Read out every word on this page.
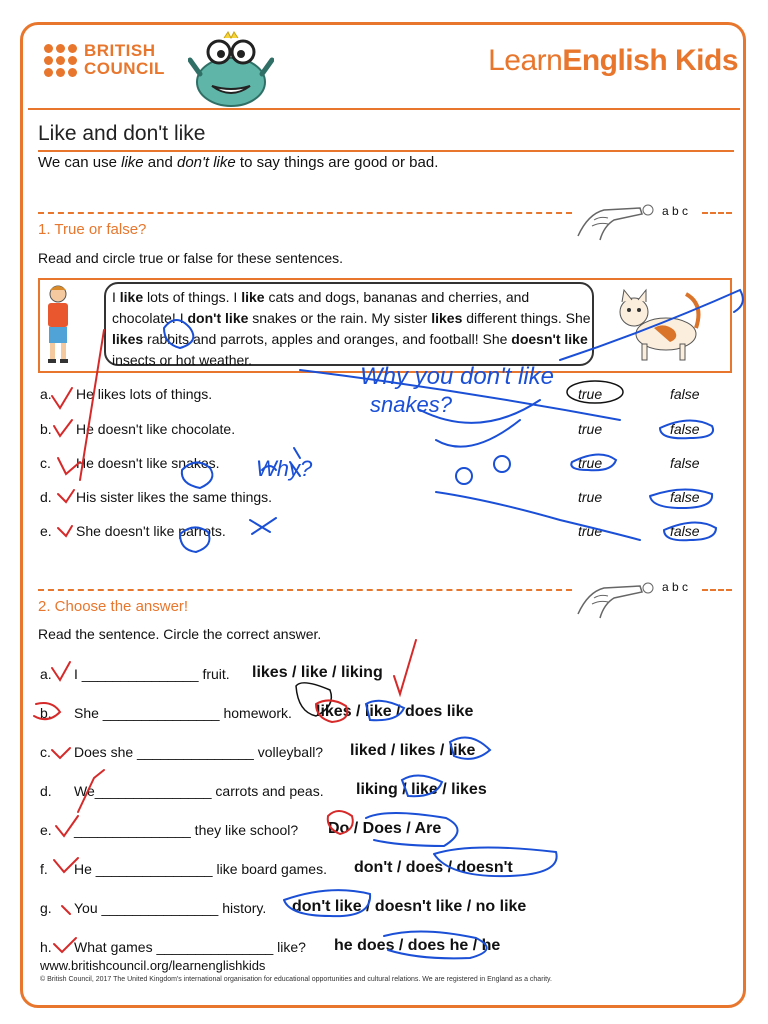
BRITISH
COUNCIL	LearnEnglish Kids
Like and don't like
We can use like and don't like to say things are good or bad.
1. True or false?
a b c
Read and circle true or false for these sentences.
I like lots of things. I like cats and dogs, bananas and cherries, and chocolate! I don't like snakes or the rain. My sister likes different things. She likes rabbits and parrots, apples and oranges, and football! She doesn't like insects or hot weather.
a. He likes lots of things.	true	false
b. He doesn't like chocolate.	true	false
c. He doesn't like snakes.	true	false
d. His sister likes the same things.	true	false
e. She doesn't like parrots.	true	false
a b c
2. Choose the answer!
Read the sentence. Circle the correct answer.
a. I _______________ fruit. likes / like / liking
b. She _______________ homework. likes / like / does like
c. Does she _______________ volleyball? liked / likes / like
d. We_______________ carrots and peas. liking / like / likes
e. _______________ they like school? Do / Does / Are
f. He _______________ like board games. don't / does / doesn't
g. You _______________ history. don't like / doesn't like / no like
h. What games _______________ like? he does / does he / he
www.britishcouncil.org/learnenglishkids
© British Council, 2017 The United Kingdom's international organisation for educational opportunities and cultural relations. We are registered in England as a charity.
Why you don't like
snakes?
Why?
